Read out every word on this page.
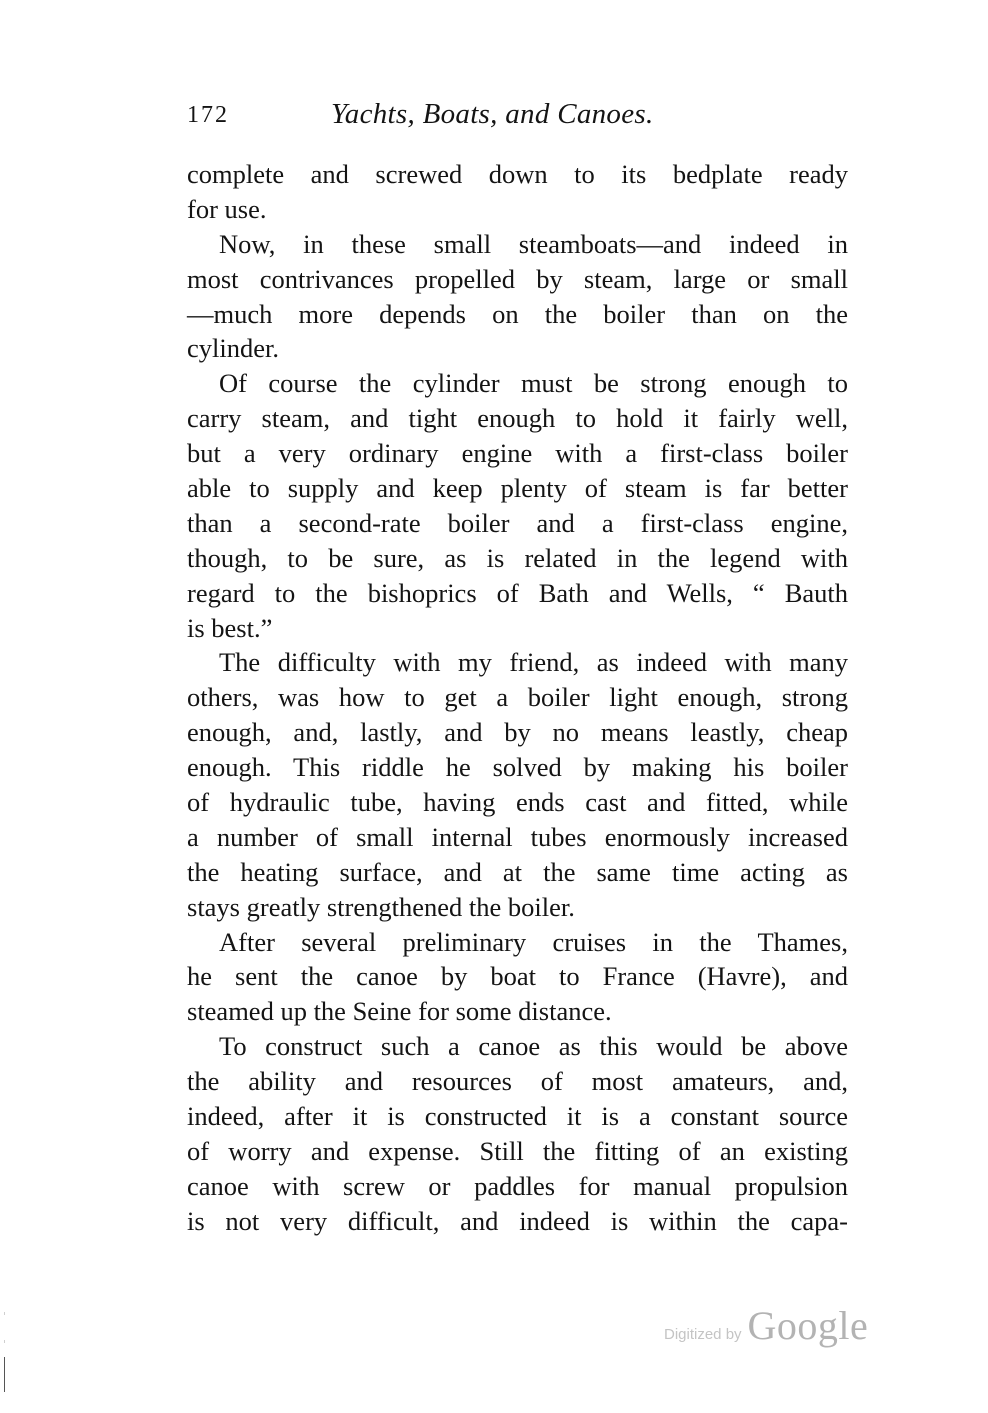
172	Yachts, Boats, and Canoes.
complete and screwed down to its bedplate ready
for use.
Now, in these small steamboats—and indeed in
most contrivances propelled by steam, large or small
—much more depends on the boiler than on the
cylinder.
Of course the cylinder must be strong enough to
carry steam, and tight enough to hold it fairly well,
but a very ordinary engine with a first-class boiler
able to supply and keep plenty of steam is far better
than a second-rate boiler and a first-class engine,
though, to be sure, as is related in the legend with
regard to the bishoprics of Bath and Wells, “ Bauth
is best.”
The difficulty with my friend, as indeed with many
others, was how to get a boiler light enough, strong
enough, and, lastly, and by no means leastly, cheap
enough. This riddle he solved by making his boiler
of hydraulic tube, having ends cast and fitted, while
a number of small internal tubes enormously increased
the heating surface, and at the same time acting as
stays greatly strengthened the boiler.
After several preliminary cruises in the Thames,
he sent the canoe by boat to France (Havre), and
steamed up the Seine for some distance.
To construct such a canoe as this would be above
the ability and resources of most amateurs, and,
indeed, after it is constructed it is a constant source
of worry and expense. Still the fitting of an existing
canoe with screw or paddles for manual propulsion
is not very difficult, and indeed is within the capa-
Digitized by Google
